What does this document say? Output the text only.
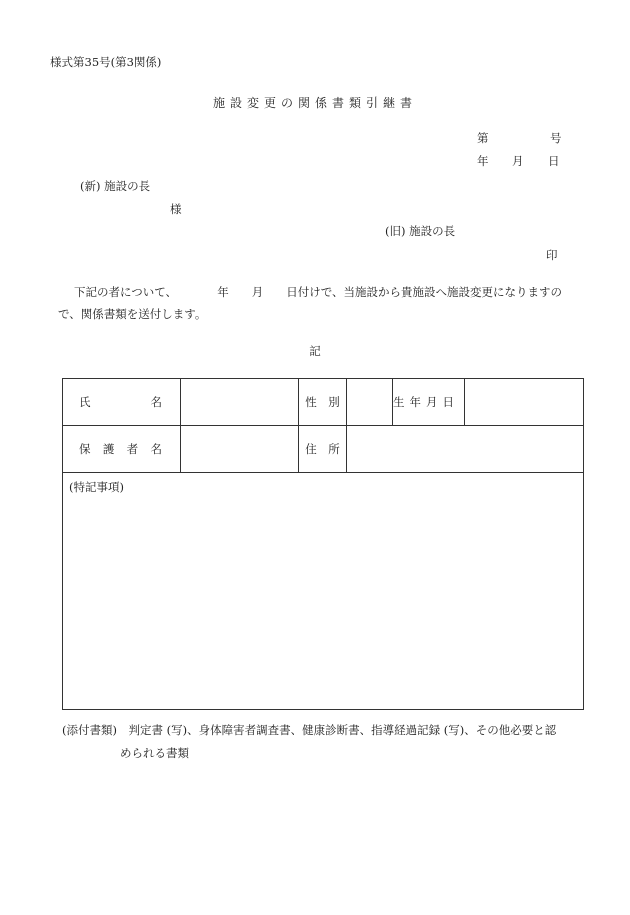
様式第35号(第3関係)
施設変更の関係書類引継書
第	号
年 月 日
(新) 施設の長
様
(旧) 施設の長
印
下記の者について、　　　　年　　月　　日付けで、当施設から貴施設へ施設変更になりますの
で、関係書類を送付します。
記
氏 名		性　別		生年月日	

保 護 者 名		住　所			

(特記事項)					
(添付書類)　判定書 (写)、身体障害者調査書、健康診断書、指導経過記録 (写)、その他必要と認
められる書類
